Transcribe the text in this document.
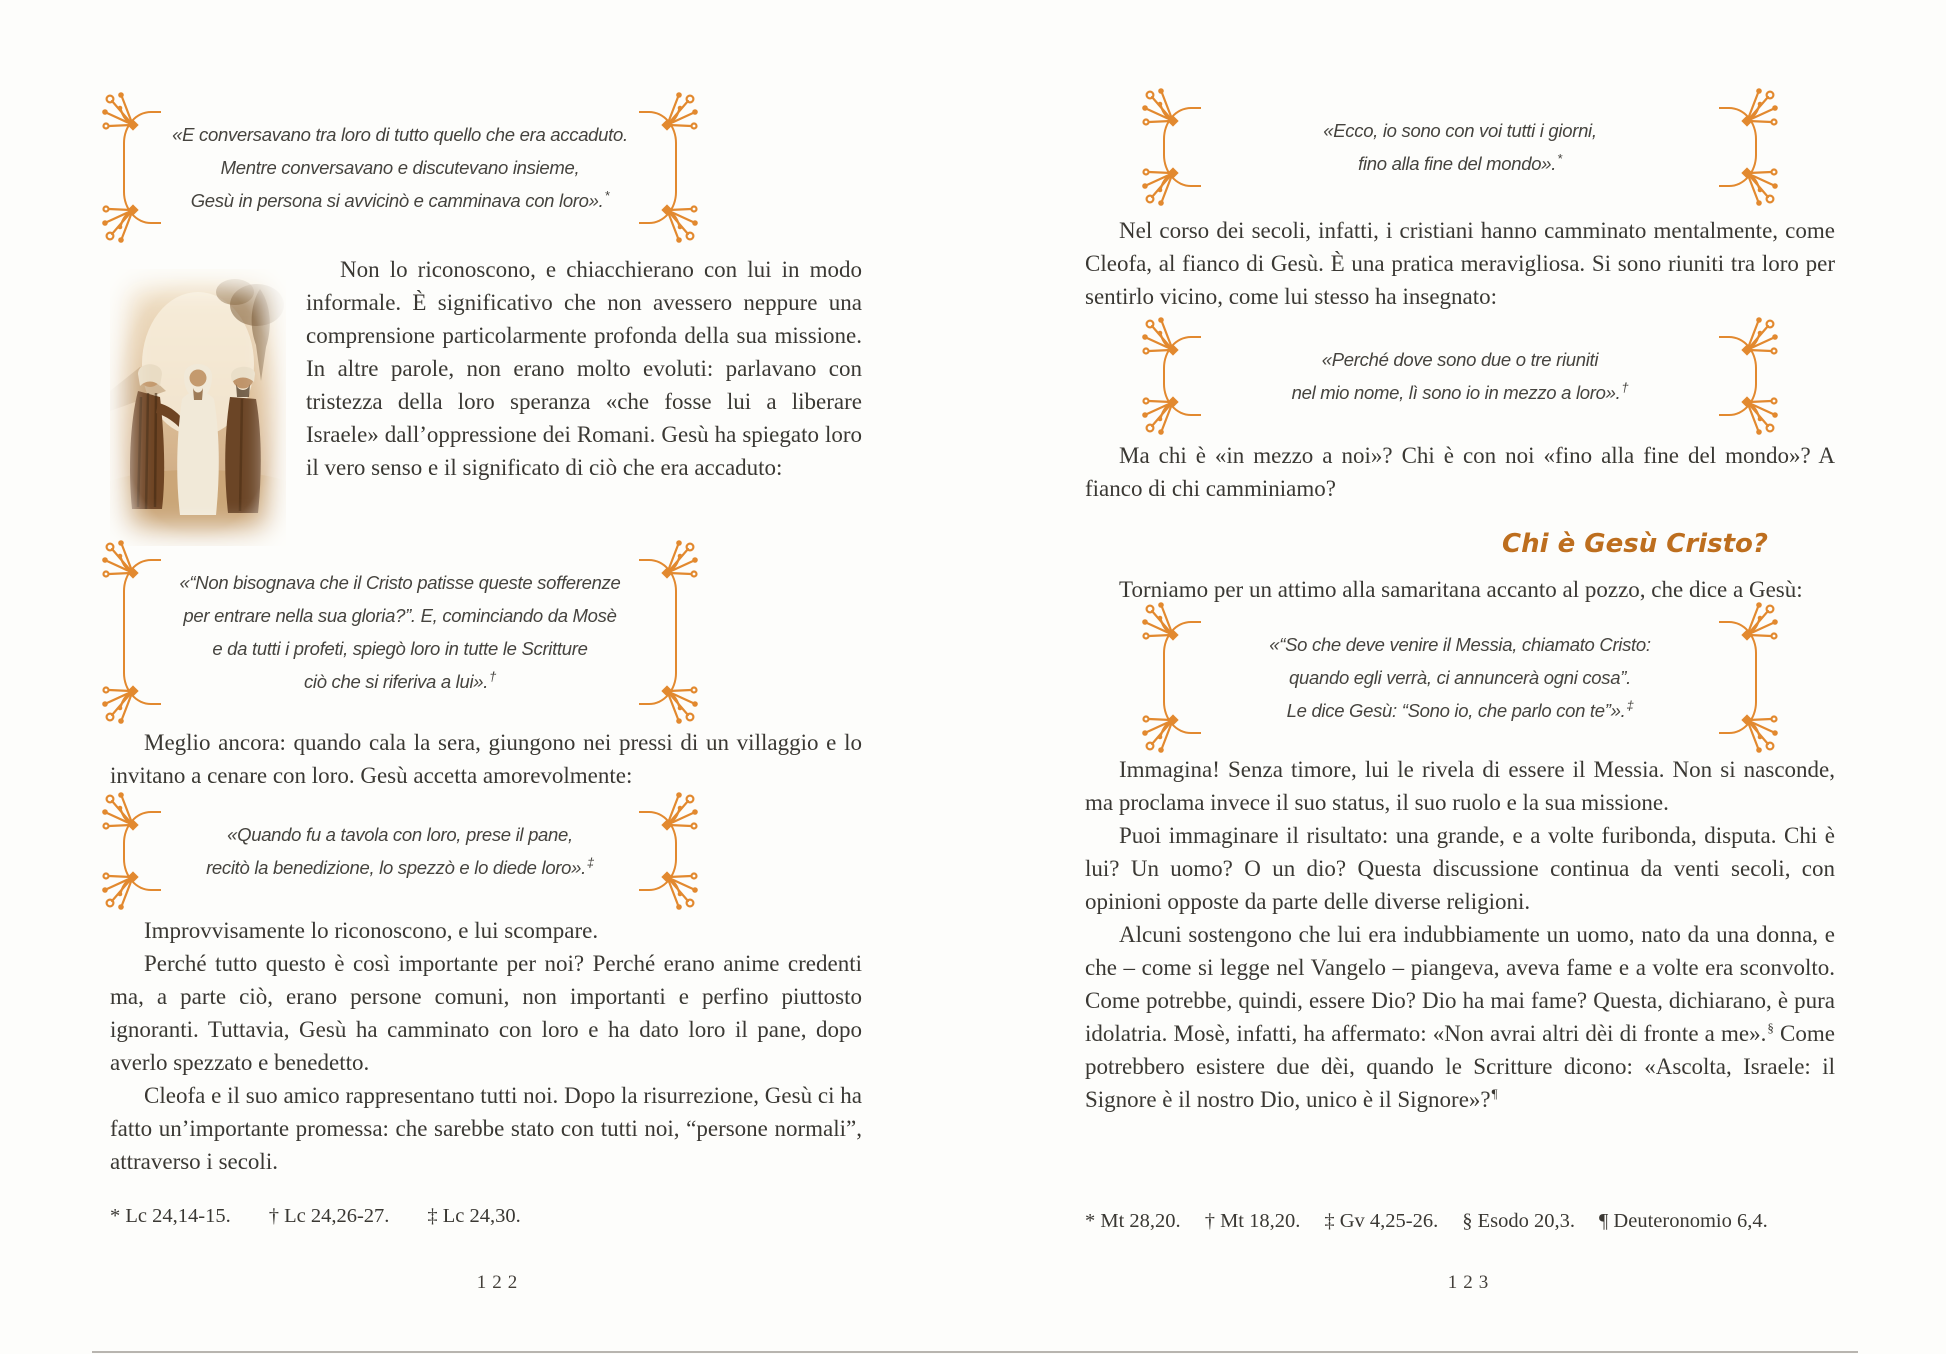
«E conversavano tra loro di tutto quello che era accaduto.
Mentre conversavano e discutevano insieme,
Gesù in persona si avvicinò e camminava con loro».*

Non lo riconoscono, e chiacchierano con lui in modo informale. È significativo che non avessero neppure una comprensione particolarmente profonda della sua missione. In altre parole, non erano molto evoluti: parlavano con tristezza della loro speranza «che fosse lui a liberare Israele» dall’oppressione dei Romani. Gesù ha spiegato loro il vero senso e il significato di ciò che era accaduto:

«“Non bisognava che il Cristo patisse queste sofferenze
per entrare nella sua gloria?”. E, cominciando da Mosè
e da tutti i profeti, spiegò loro in tutte le Scritture
ciò che si riferiva a lui».†

Meglio ancora: quando cala la sera, giungono nei pressi di un villaggio e lo invitano a cenare con loro. Gesù accetta amorevolmente:

«Quando fu a tavola con loro, prese il pane,
recitò la benedizione, lo spezzò e lo diede loro».‡

Improvvisamente lo riconoscono, e lui scompare.

Perché tutto questo è così importante per noi? Perché erano anime credenti ma, a parte ciò, erano persone comuni, non importanti e perfino piuttosto ignoranti. Tuttavia, Gesù ha camminato con loro e ha dato loro il pane, dopo averlo spezzato e benedetto.

Cleofa e il suo amico rappresentano tutti noi. Dopo la risurrezione, Gesù ci ha fatto un’importante promessa: che sarebbe stato con tutti noi, “persone normali”, attraverso i secoli.

* Lc 24,14-15. † Lc 24,26-27. ‡ Lc 24,30.
122
«Ecco, io sono con voi tutti i giorni,
fino alla fine del mondo».*

Nel corso dei secoli, infatti, i cristiani hanno camminato mentalmente, come Cleofa, al fianco di Gesù. È una pratica meravigliosa. Si sono riuniti tra loro per sentirlo vicino, come lui stesso ha insegnato:

«Perché dove sono due o tre riuniti
nel mio nome, lì sono io in mezzo a loro».†

Ma chi è «in mezzo a noi»? Chi è con noi «fino alla fine del mondo»? A fianco di chi camminiamo?

Chi è Gesù Cristo?

Torniamo per un attimo alla samaritana accanto al pozzo, che dice a Gesù:

«“So che deve venire il Messia, chiamato Cristo:
quando egli verrà, ci annuncerà ogni cosa”.
Le dice Gesù: “Sono io, che parlo con te”».‡

Immagina! Senza timore, lui le rivela di essere il Messia. Non si nasconde, ma proclama invece il suo status, il suo ruolo e la sua missione.

Puoi immaginare il risultato: una grande, e a volte furibonda, disputa. Chi è lui? Un uomo? O un dio? Questa discussione continua da venti secoli, con opinioni opposte da parte delle diverse religioni.

Alcuni sostengono che lui era indubbiamente un uomo, nato da una donna, e che – come si legge nel Vangelo – piangeva, aveva fame e a volte era sconvolto. Come potrebbe, quindi, essere Dio? Dio ha mai fame? Questa, dichiarano, è pura idolatria. Mosè, infatti, ha affermato: «Non avrai altri dèi di fronte a me».§ Come potrebbero esistere due dèi, quando le Scritture dicono: «Ascolta, Israele: il Signore è il nostro Dio, unico è il Signore»?¶

* Mt 28,20. † Mt 18,20. ‡ Gv 4,25-26. § Esodo 20,3. ¶ Deuteronomio 6,4.
123
